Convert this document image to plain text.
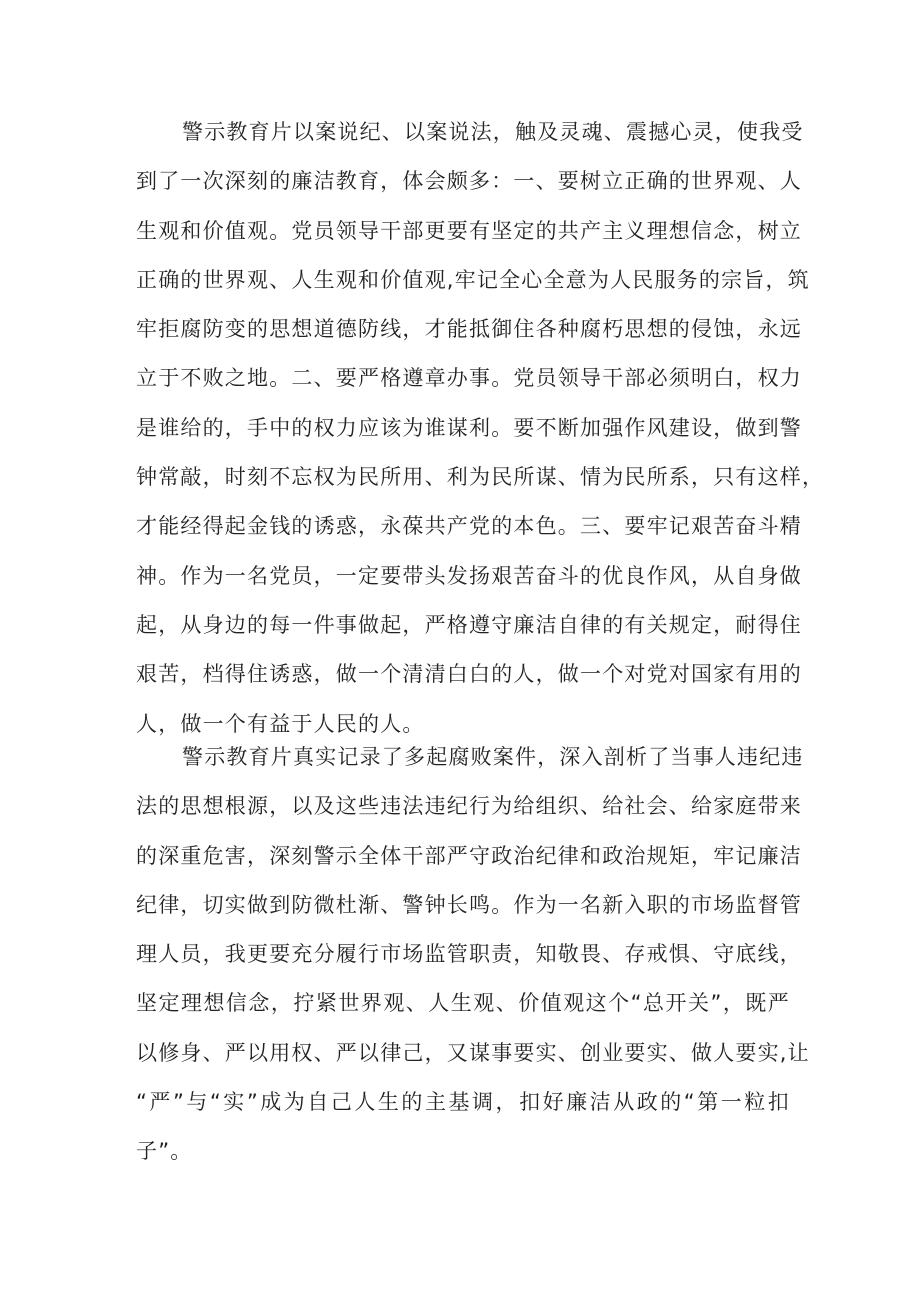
警示教育片以案说纪、以案说法，触及灵魂、震撼心灵，使我受
到了一次深刻的廉洁教育，体会颇多：一、要树立正确的世界观、人
生观和价值观。党员领导干部更要有坚定的共产主义理想信念，树立
正确的世界观、人生观和价值观,牢记全心全意为人民服务的宗旨，筑
牢拒腐防变的思想道德防线，才能抵御住各种腐朽思想的侵蚀，永远
立于不败之地。二、要严格遵章办事。党员领导干部必须明白，权力
是谁给的，手中的权力应该为谁谋利。要不断加强作风建设，做到警
钟常敲，时刻不忘权为民所用、利为民所谋、情为民所系，只有这样，
才能经得起金钱的诱惑，永葆共产党的本色。三、要牢记艰苦奋斗精
神。作为一名党员，一定要带头发扬艰苦奋斗的优良作风，从自身做
起，从身边的每一件事做起，严格遵守廉洁自律的有关规定，耐得住
艰苦，档得住诱惑，做一个清清白白的人，做一个对党对国家有用的
人，做一个有益于人民的人。
警示教育片真实记录了多起腐败案件，深入剖析了当事人违纪违
法的思想根源，以及这些违法违纪行为给组织、给社会、给家庭带来
的深重危害，深刻警示全体干部严守政治纪律和政治规矩，牢记廉洁
纪律，切实做到防微杜渐、警钟长鸣。作为一名新入职的市场监督管
理人员，我更要充分履行市场监管职责，知敬畏、存戒惧、守底线，
坚定理想信念，拧紧世界观、人生观、价值观这个“总开关”，既严
以修身、严以用权、严以律己，又谋事要实、创业要实、做人要实,让
“严”与“实”成为自己人生的主基调，扣好廉洁从政的“第一粒扣
子”。
